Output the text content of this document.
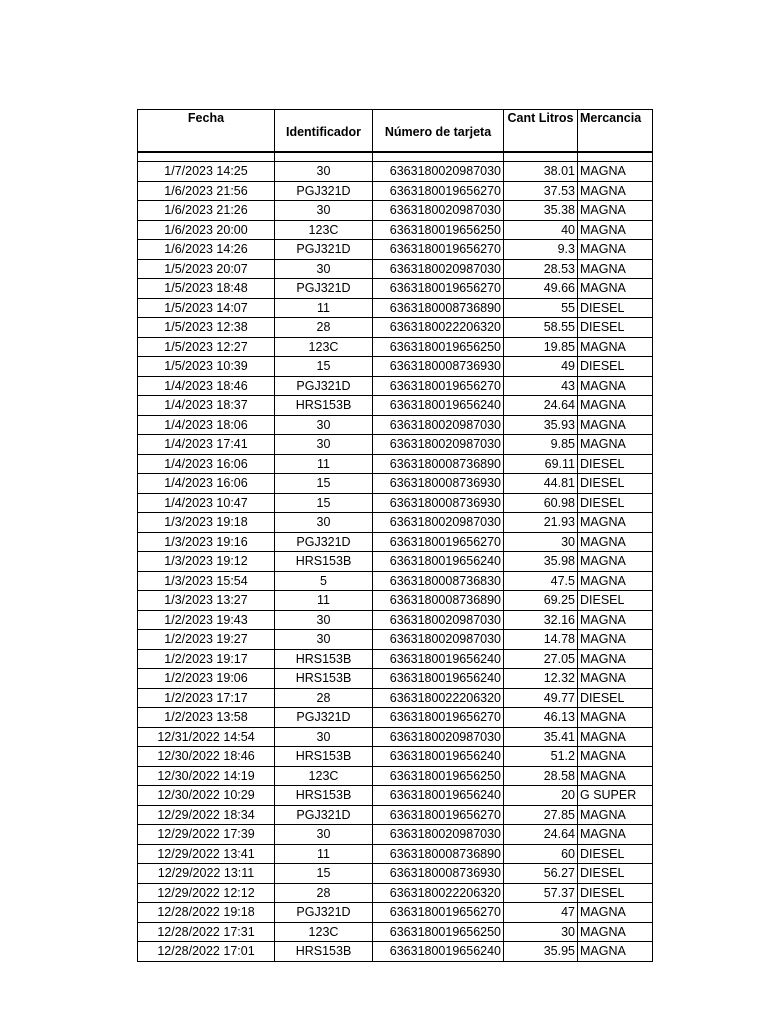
Fecha	Identificador	Número de tarjeta	Cant Litros	Mercancia

1/7/2023 14:25	30	6363180020987030	38.01	MAGNA
1/6/2023 21:56	PGJ321D	6363180019656270	37.53	MAGNA
1/6/2023 21:26	30	6363180020987030	35.38	MAGNA
1/6/2023 20:00	123C	6363180019656250	40	MAGNA
1/6/2023 14:26	PGJ321D	6363180019656270	9.3	MAGNA
1/5/2023 20:07	30	6363180020987030	28.53	MAGNA
1/5/2023 18:48	PGJ321D	6363180019656270	49.66	MAGNA
1/5/2023 14:07	11	6363180008736890	55	DIESEL
1/5/2023 12:38	28	6363180022206320	58.55	DIESEL
1/5/2023 12:27	123C	6363180019656250	19.85	MAGNA
1/5/2023 10:39	15	6363180008736930	49	DIESEL
1/4/2023 18:46	PGJ321D	6363180019656270	43	MAGNA
1/4/2023 18:37	HRS153B	6363180019656240	24.64	MAGNA
1/4/2023 18:06	30	6363180020987030	35.93	MAGNA
1/4/2023 17:41	30	6363180020987030	9.85	MAGNA
1/4/2023 16:06	11	6363180008736890	69.11	DIESEL
1/4/2023 16:06	15	6363180008736930	44.81	DIESEL
1/4/2023 10:47	15	6363180008736930	60.98	DIESEL
1/3/2023 19:18	30	6363180020987030	21.93	MAGNA
1/3/2023 19:16	PGJ321D	6363180019656270	30	MAGNA
1/3/2023 19:12	HRS153B	6363180019656240	35.98	MAGNA
1/3/2023 15:54	5	6363180008736830	47.5	MAGNA
1/3/2023 13:27	11	6363180008736890	69.25	DIESEL
1/2/2023 19:43	30	6363180020987030	32.16	MAGNA
1/2/2023 19:27	30	6363180020987030	14.78	MAGNA
1/2/2023 19:17	HRS153B	6363180019656240	27.05	MAGNA
1/2/2023 19:06	HRS153B	6363180019656240	12.32	MAGNA
1/2/2023 17:17	28	6363180022206320	49.77	DIESEL
1/2/2023 13:58	PGJ321D	6363180019656270	46.13	MAGNA
12/31/2022 14:54	30	6363180020987030	35.41	MAGNA
12/30/2022 18:46	HRS153B	6363180019656240	51.2	MAGNA
12/30/2022 14:19	123C	6363180019656250	28.58	MAGNA
12/30/2022 10:29	HRS153B	6363180019656240	20	G SUPER
12/29/2022 18:34	PGJ321D	6363180019656270	27.85	MAGNA
12/29/2022 17:39	30	6363180020987030	24.64	MAGNA
12/29/2022 13:41	11	6363180008736890	60	DIESEL
12/29/2022 13:11	15	6363180008736930	56.27	DIESEL
12/29/2022 12:12	28	6363180022206320	57.37	DIESEL
12/28/2022 19:18	PGJ321D	6363180019656270	47	MAGNA
12/28/2022 17:31	123C	6363180019656250	30	MAGNA
12/28/2022 17:01	HRS153B	6363180019656240	35.95	MAGNA
